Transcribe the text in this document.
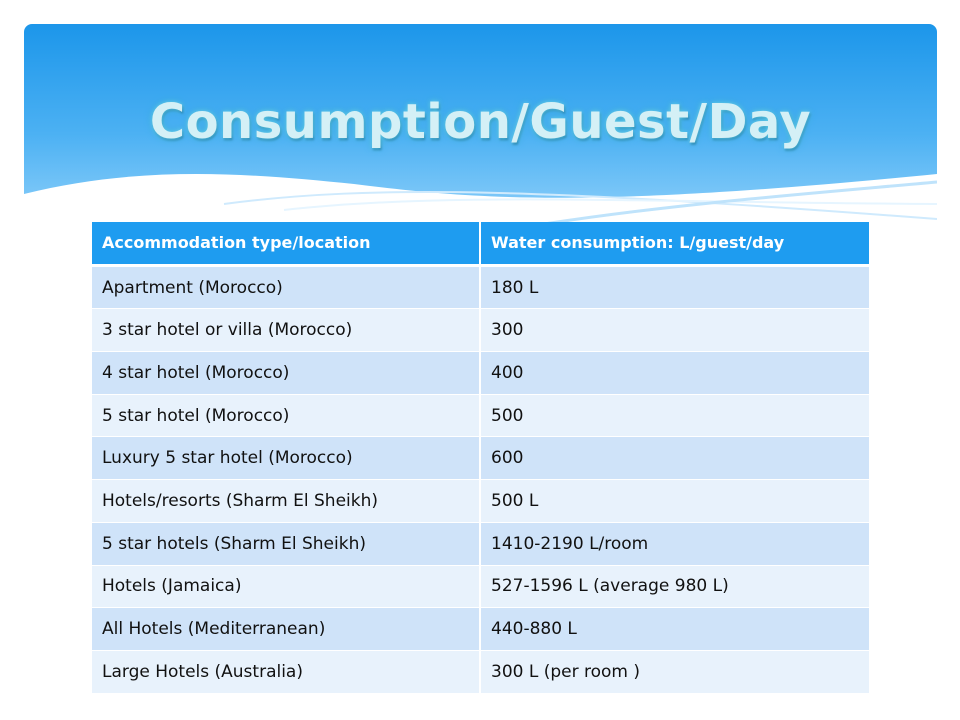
Consumption/Guest/Day
Accommodation type/location	Water consumption: L/guest/day
Apartment (Morocco)	180 L
3 star hotel or villa (Morocco)	300
4 star hotel (Morocco)	400
5 star hotel (Morocco)	500
Luxury 5 star hotel (Morocco)	600
Hotels/resorts (Sharm El Sheikh)	500 L
5 star hotels (Sharm El Sheikh)	1410-2190 L/room
Hotels (Jamaica)	527-1596 L (average 980 L)
All Hotels (Mediterranean)	440-880 L
Large Hotels (Australia)	300 L (per room )
